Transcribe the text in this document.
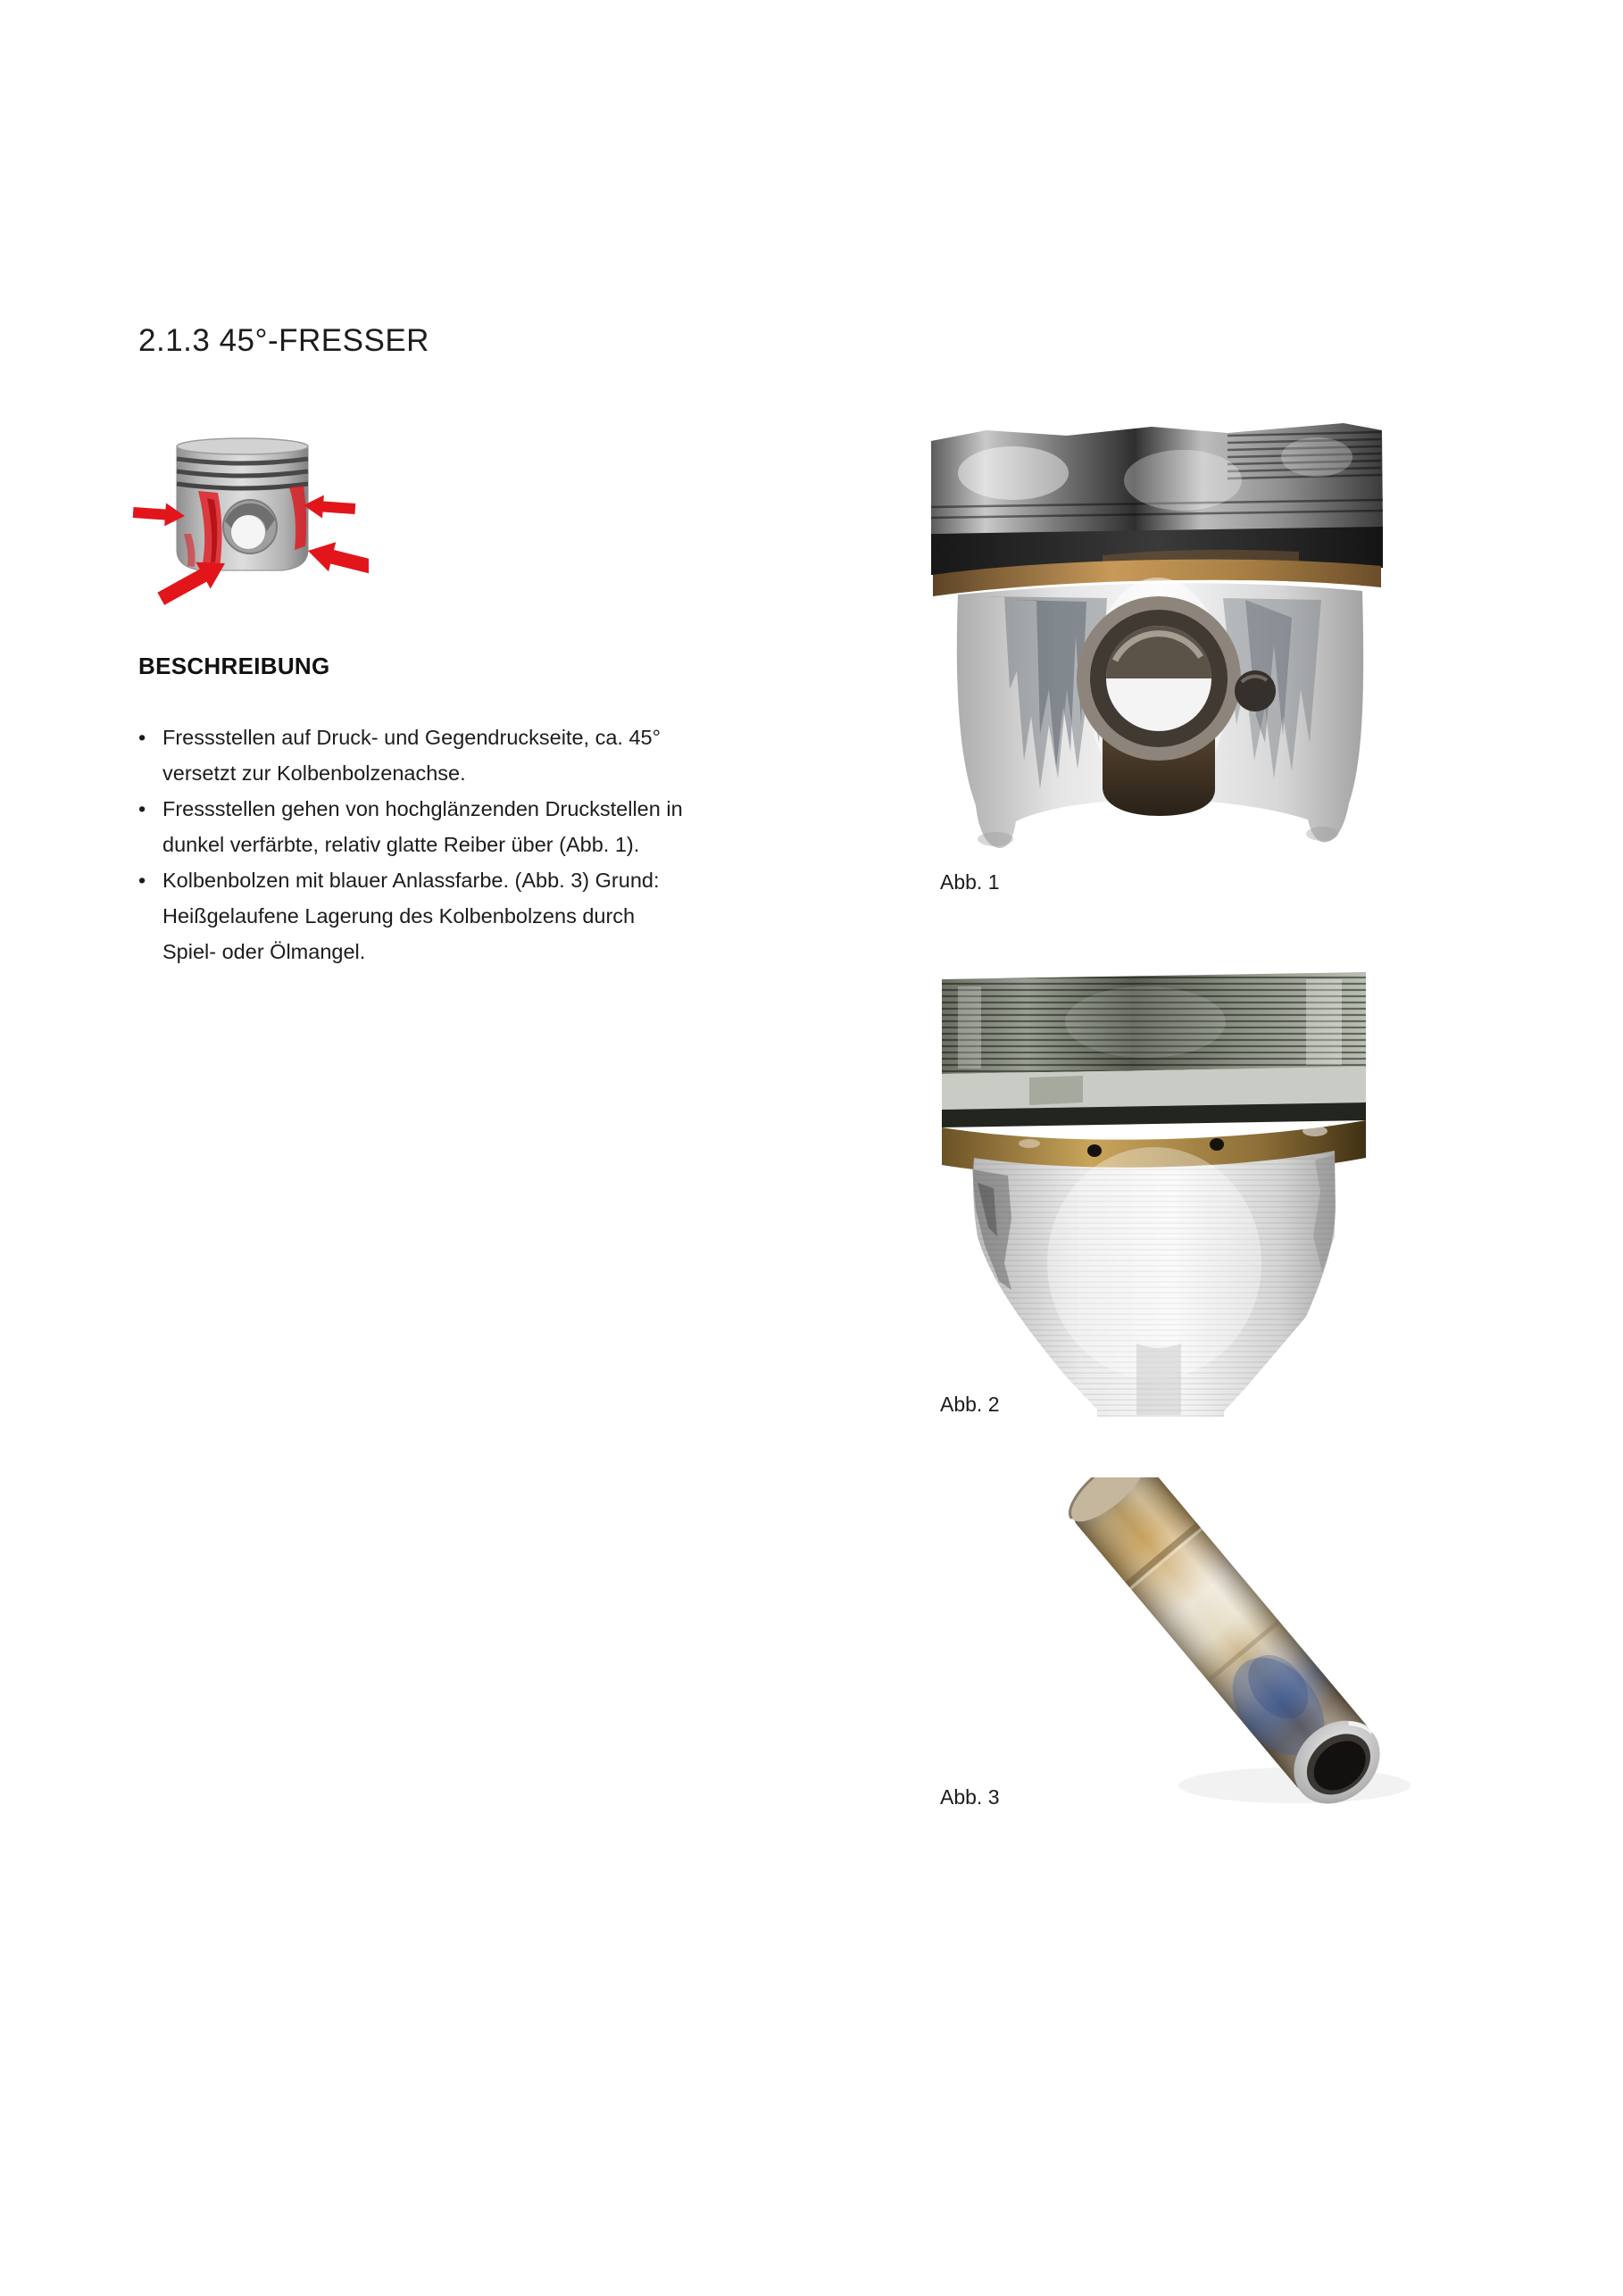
2.1.3 45°-FRESSER
BESCHREIBUNG
• Fressstellen auf Druck- und Gegendruckseite, ca. 45°
versetzt zur Kolbenbolzenachse.
• Fressstellen gehen von hochglänzenden Druckstellen in
dunkel verfärbte, relativ glatte Reiber über (Abb. 1).
• Kolbenbolzen mit blauer Anlassfarbe. (Abb. 3) Grund:
Heißgelaufene Lagerung des Kolbenbolzens durch
Spiel- oder Ölmangel.
Abb. 1
Abb. 2
Abb. 3
